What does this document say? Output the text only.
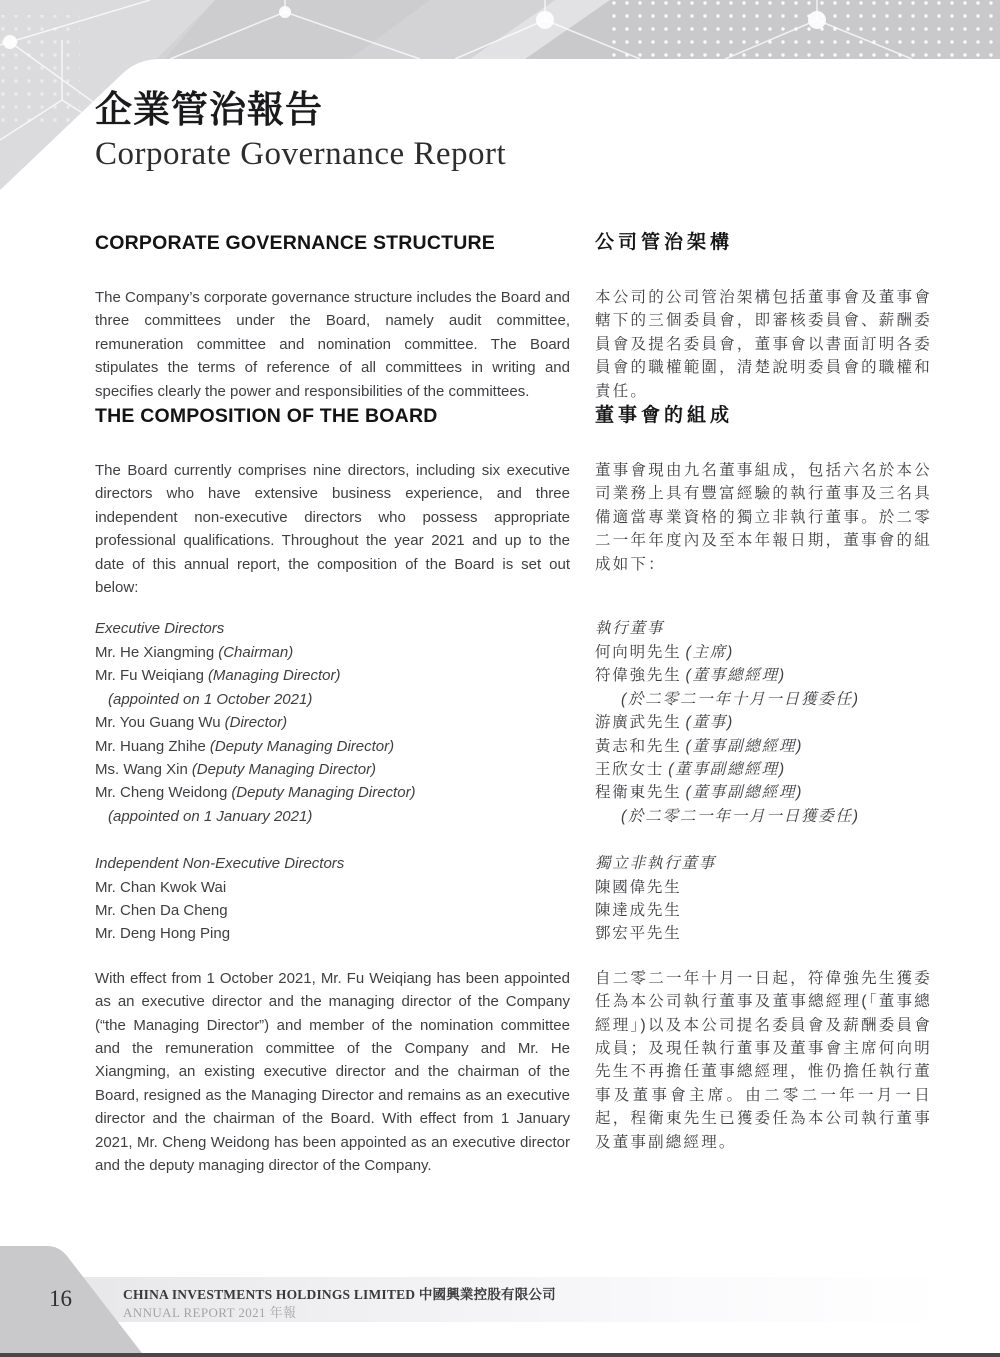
企業管治報告
Corporate Governance Report
CORPORATE GOVERNANCE STRUCTURE

The Company’s corporate governance structure includes the Board and three committees under the Board, namely audit committee, remuneration committee and nomination committee. The Board stipulates the terms of reference of all committees in writing and specifies clearly the power and responsibilities of the committees.

公司管治架構

本公司的公司管治架構包括董事會及董事會轄下的三個委員會，即審核委員會、薪酬委員會及提名委員會，董事會以書面訂明各委員會的職權範圍，清楚說明委員會的職權和責任。

THE COMPOSITION OF THE BOARD

The Board currently comprises nine directors, including six executive directors who have extensive business experience, and three independent non-executive directors who possess appropriate professional qualifications. Throughout the year 2021 and up to the date of this annual report, the composition of the Board is set out below:

董事會的組成

董事會現由九名董事組成，包括六名於本公司業務上具有豐富經驗的執行董事及三名具備適當專業資格的獨立非執行董事。於二零二一年年度內及至本年報日期，董事會的組成如下：

Executive Directors
Mr. He Xiangming (Chairman)
Mr. Fu Weiqiang (Managing Director)
(appointed on 1 October 2021)
Mr. You Guang Wu (Director)
Mr. Huang Zhihe (Deputy Managing Director)
Ms. Wang Xin (Deputy Managing Director)
Mr. Cheng Weidong (Deputy Managing Director)
(appointed on 1 January 2021)
執行董事
何向明先生 (主席)
符偉強先生 (董事總經理)
(於二零二一年十月一日獲委任)
游廣武先生 (董事)
黃志和先生 (董事副總經理)
王欣女士 (董事副總經理)
程衛東先生 (董事副總經理)
(於二零二一年一月一日獲委任)
Independent Non-Executive Directors
Mr. Chan Kwok Wai
Mr. Chen Da Cheng
Mr. Deng Hong Ping
獨立非執行董事
陳國偉先生
陳達成先生
鄧宏平先生

With effect from 1 October 2021, Mr. Fu Weiqiang has been appointed as an executive director and the managing director of the Company (“the Managing Director”) and member of the nomination committee and the remuneration committee of the Company and Mr. He Xiangming, an existing executive director and the chairman of the Board, resigned as the Managing Director and remains as an executive director and the chairman of the Board. With effect from 1 January 2021, Mr. Cheng Weidong has been appointed as an executive director and the deputy managing director of the Company.

自二零二一年十月一日起，符偉強先生獲委任為本公司執行董事及董事總經理(「董事總經理」)以及本公司提名委員會及薪酬委員會成員；及現任執行董事及董事會主席何向明先生不再擔任董事總經理，惟仍擔任執行董事及董事會主席。由二零二一年一月一日起，程衛東先生已獲委任為本公司執行董事及董事副總經理。

16	CHINA INVESTMENTS HOLDINGS LIMITED 中國興業控股有限公司
ANNUAL REPORT 2021 年報
